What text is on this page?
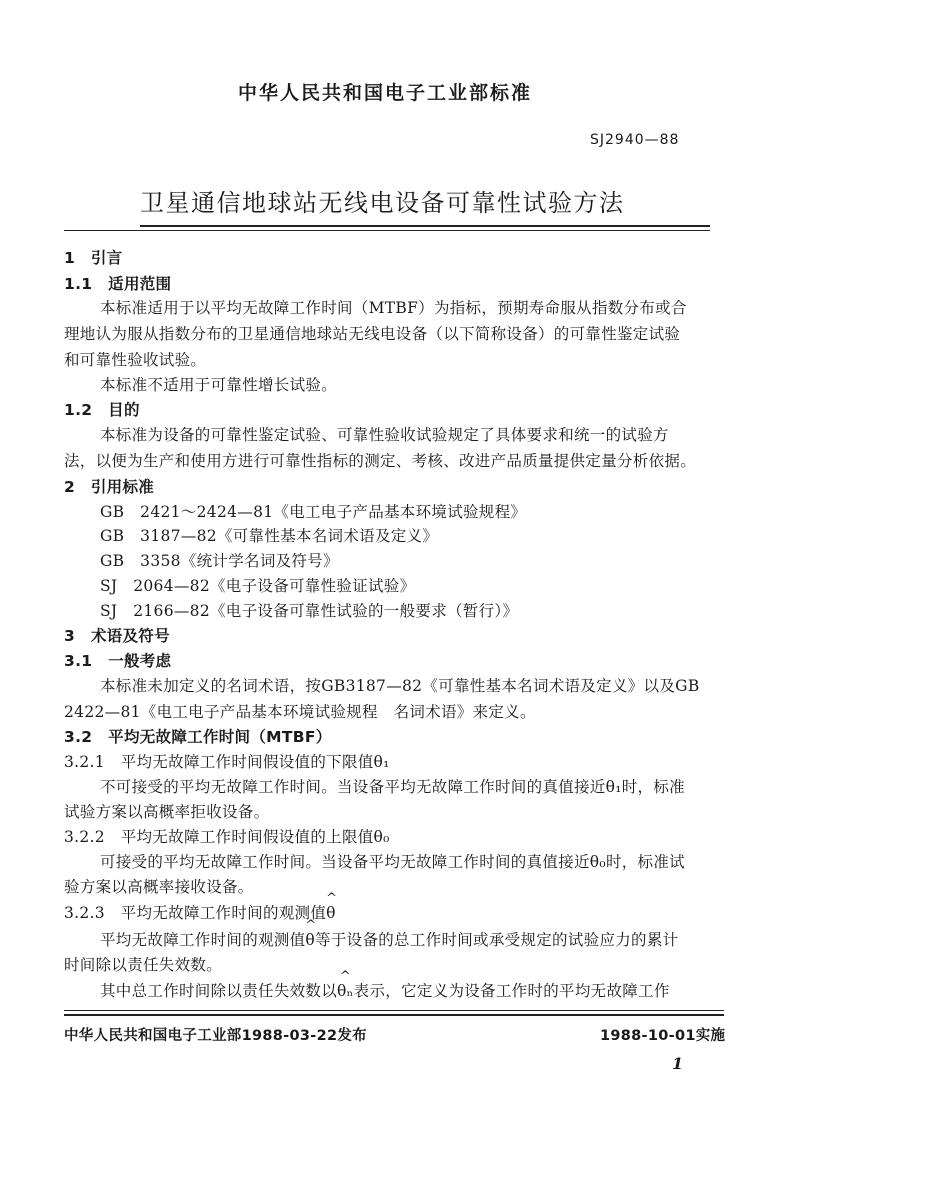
中华人民共和国电子工业部标准
SJ2940—88
卫星通信地球站无线电设备可靠性试验方法
1　引言
1.1　适用范围
本标准适用于以平均无故障工作时间（MTBF）为指标，预期寿命服从指数分布或合
理地认为服从指数分布的卫星通信地球站无线电设备（以下简称设备）的可靠性鉴定试验
和可靠性验收试验。
本标准不适用于可靠性增长试验。
1.2　目的
本标准为设备的可靠性鉴定试验、可靠性验收试验规定了具体要求和统一的试验方
法，以便为生产和使用方进行可靠性指标的测定、考核、改进产品质量提供定量分析依据。
2　引用标准
GB　2421～2424—81《电工电子产品基本环境试验规程》
GB　3187—82《可靠性基本名词术语及定义》
GB　3358《统计学名词及符号》
SJ　2064—82《电子设备可靠性验证试验》
SJ　2166—82《电子设备可靠性试验的一般要求（暂行）》
3　术语及符号
3.1　一般考虑
本标准未加定义的名词术语，按GB3187—82《可靠性基本名词术语及定义》以及GB
2422—81《电工电子产品基本环境试验规程　名词术语》来定义。
3.2　平均无故障工作时间（MTBF）
3.2.1　平均无故障工作时间假设值的下限值θ₁
不可接受的平均无故障工作时间。当设备平均无故障工作时间的真值接近θ₁时，标准
试验方案以高概率拒收设备。
3.2.2　平均无故障工作时间假设值的上限值θ₀
可接受的平均无故障工作时间。当设备平均无故障工作时间的真值接近θ₀时，标准试
验方案以高概率接收设备。
3.2.3　平均无故障工作时间的观测值^ θ
平均无故障工作时间的观测值^ θ等于设备的总工作时间或承受规定的试验应力的累计
时间除以责任失效数。
其中总工作时间除以责任失效数以^ θₙ表示，它定义为设备工作时的平均无故障工作
中华人民共和国电子工业部1988-03-22发布	1988-10-01实施
1
